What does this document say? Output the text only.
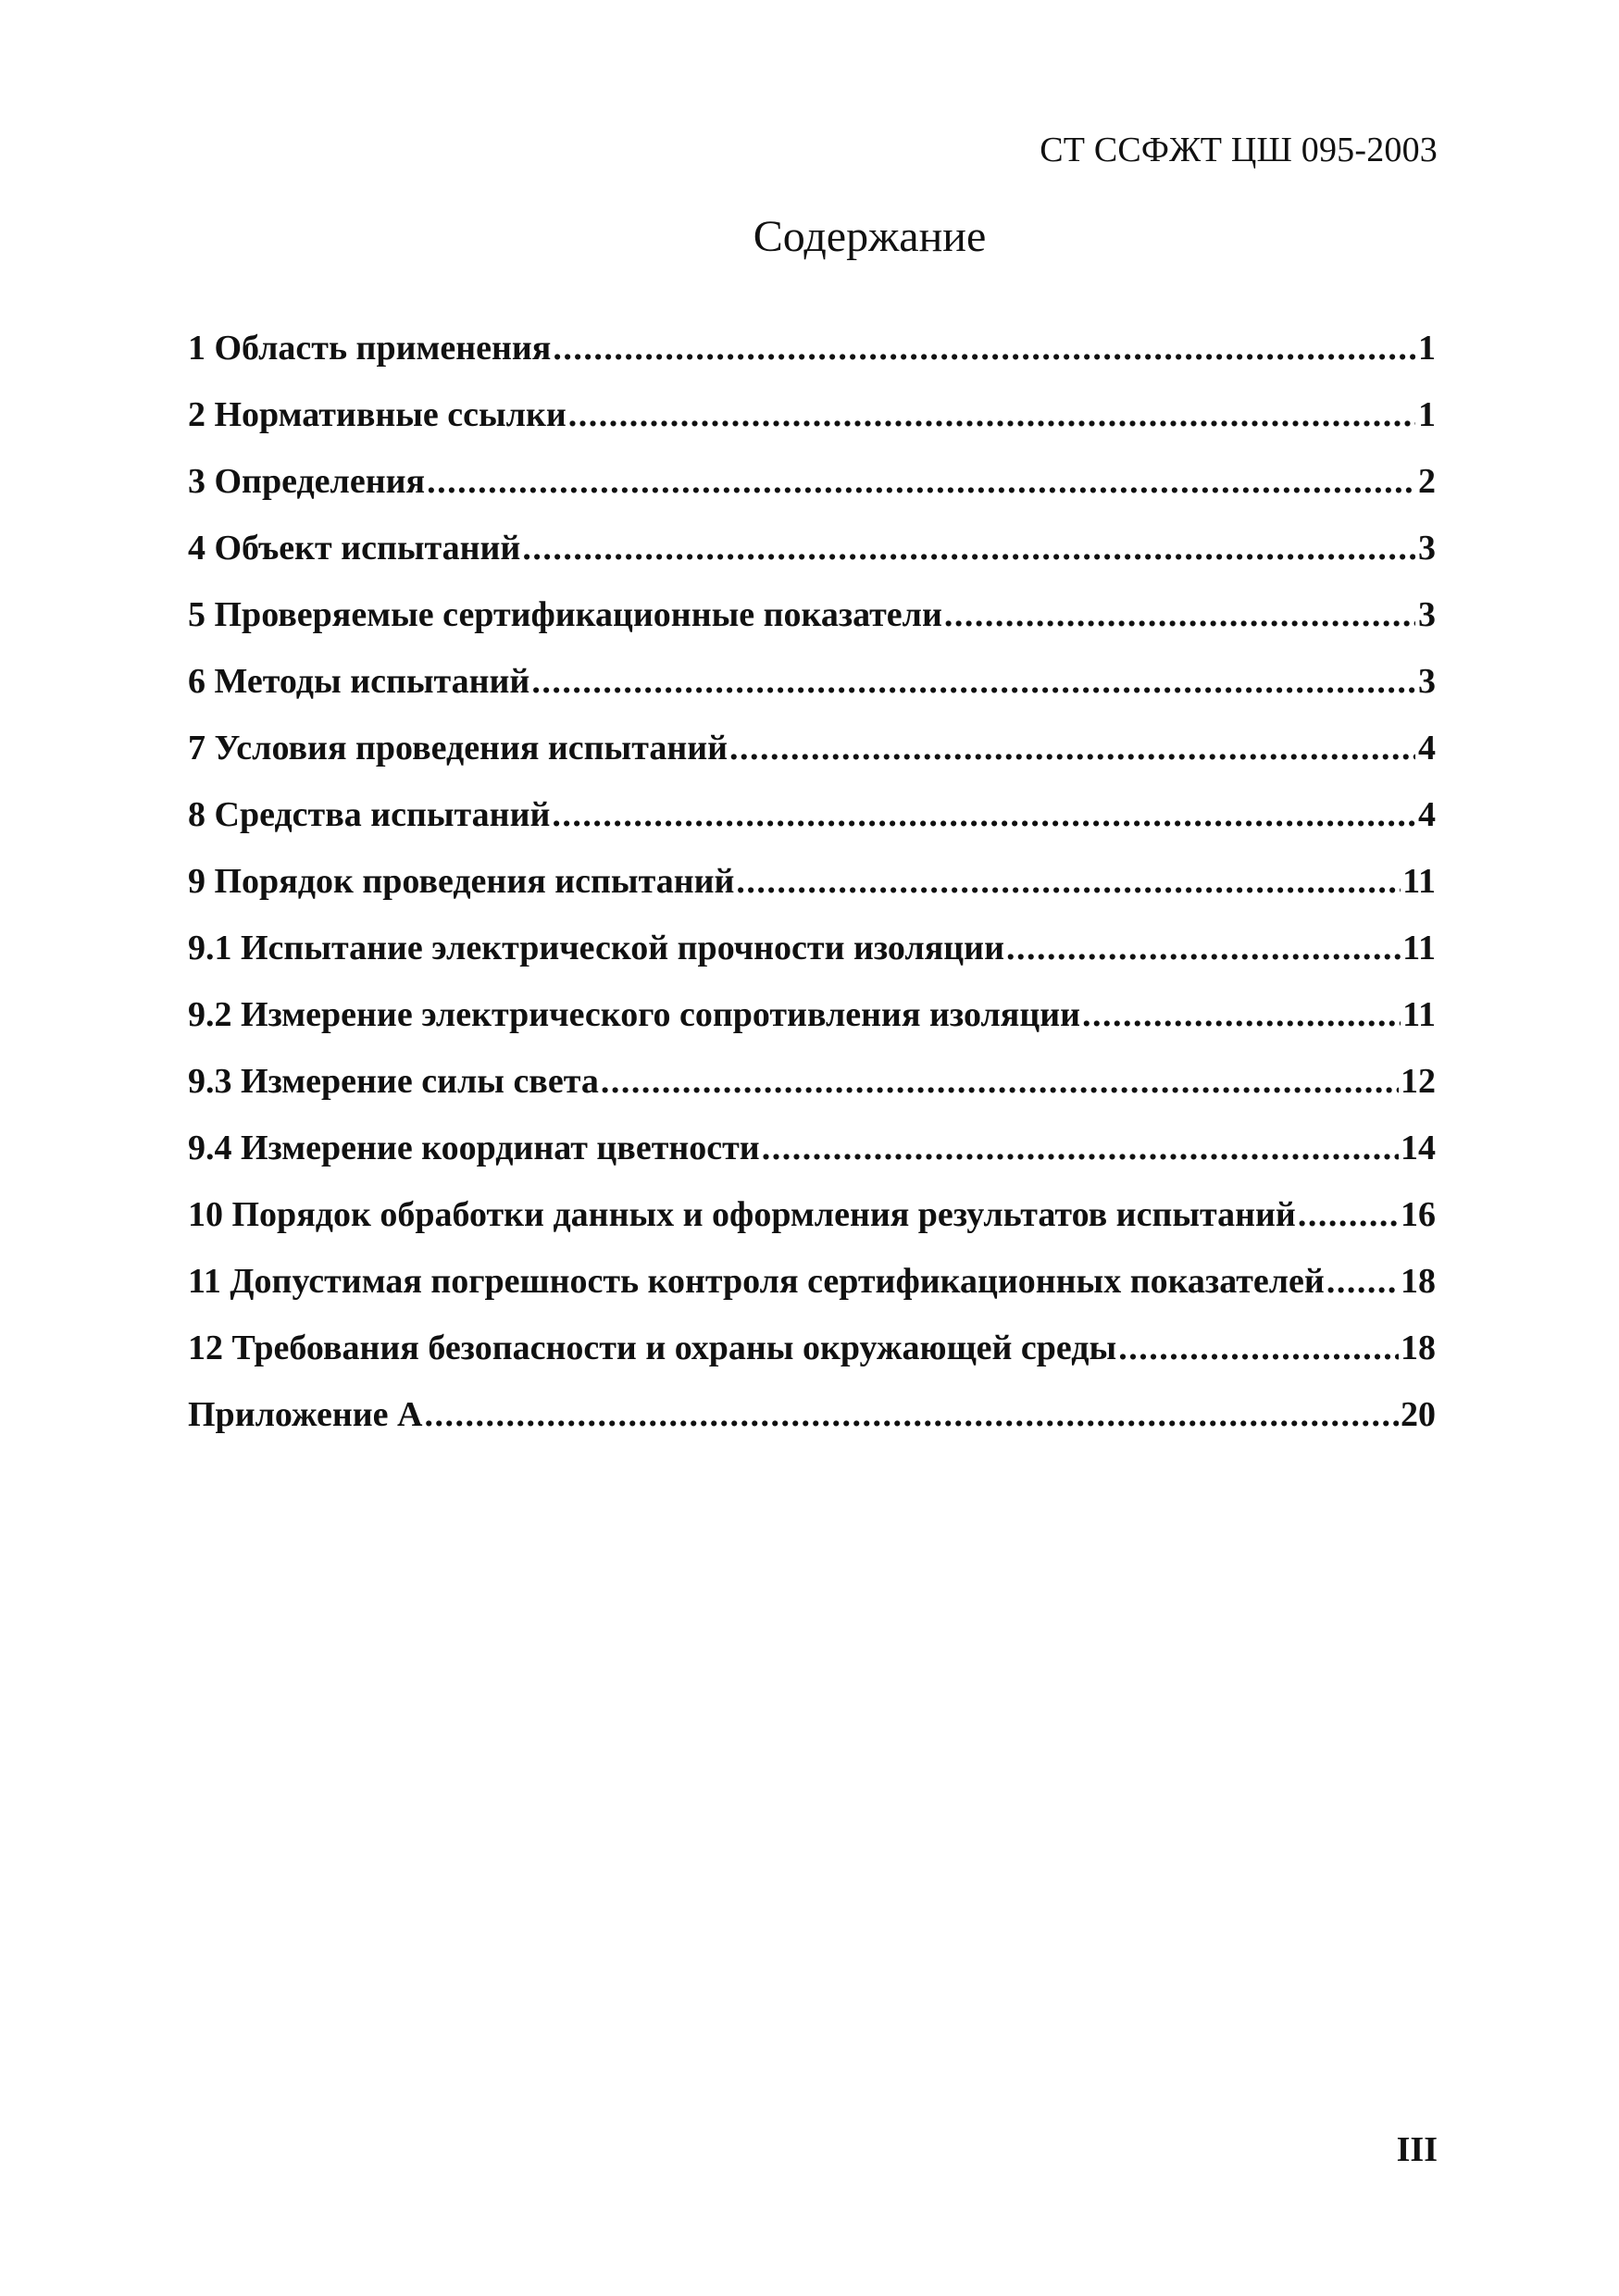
СТ ССФЖТ ЦШ 095-2003
Содержание
1 Область применения .....	1
2 Нормативные ссылки .....	1
3 Определения .....	2
4 Объект испытаний .....	3
5 Проверяемые сертификационные показатели .....	3
6 Методы испытаний .....	3
7 Условия проведения испытаний .....	4
8 Средства испытаний .....	4
9 Порядок проведения испытаний .....	11
9.1 Испытание электрической прочности изоляции .....	11
9.2 Измерение электрического сопротивления изоляции .....	11
9.3 Измерение силы света .....	12
9.4 Измерение координат цветности .....	14
10 Порядок обработки данных и оформления результатов испытаний .....	16
11 Допустимая погрешность контроля сертификационных показателей ..... 18
12 Требования безопасности и охраны окружающей среды .....	18
Приложение А .....	20
III
